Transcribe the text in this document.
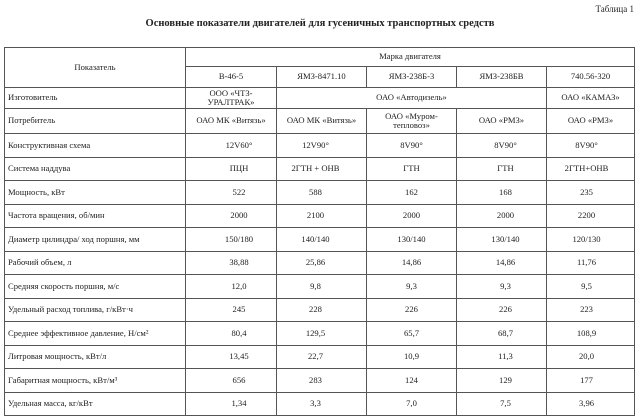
Таблица 1
Основные показатели двигателей для гусеничных транспортных средств
Показатель	Марка двигателя				
	В-46-5	ЯМЗ-8471.10	ЯМЗ-238Б-3	ЯМЗ-238БВ	740.56-320
Изготовитель	ООО «ЧТЗ-УРАЛТРАК»	ОАО «Автодизель»			ОАО «КАМАЗ»
Потребитель	ОАО МК «Витязь»	ОАО МК «Витязь»	ОАО «Муром-тепловоз»	ОАО «РМЗ»	ОАО «РМЗ»
Конструктивная схема	12V60°	12V90°	8V90°	8V90°	8V90°
Система наддува	ПЦН	2ГТН + ОНВ	ГТН	ГТН	2ГТН+ОНВ
Мощность, кВт	522	588	162	168	235
Частота вращения, об/мин	2000	2100	2000	2000	2200
Диаметр цилиндра/ ход поршня, мм	150/180	140/140	130/140	130/140	120/130
Рабочий объем, л	38,88	25,86	14,86	14,86	11,76
Средняя скорость поршня, м/с	12,0	9,8	9,3	9,3	9,5
Удельный расход топлива, г/кВт·ч	245	228	226	226	223
Среднее эффективное давление, Н/см²	80,4	129,5	65,7	68,7	108,9
Литровая мощность, кВт/л	13,45	22,7	10,9	11,3	20,0
Габаритная мощность, кВт/м³	656	283	124	129	177
Удельная масса, кг/кВт	1,34	3,3	7,0	7,5	3,96
